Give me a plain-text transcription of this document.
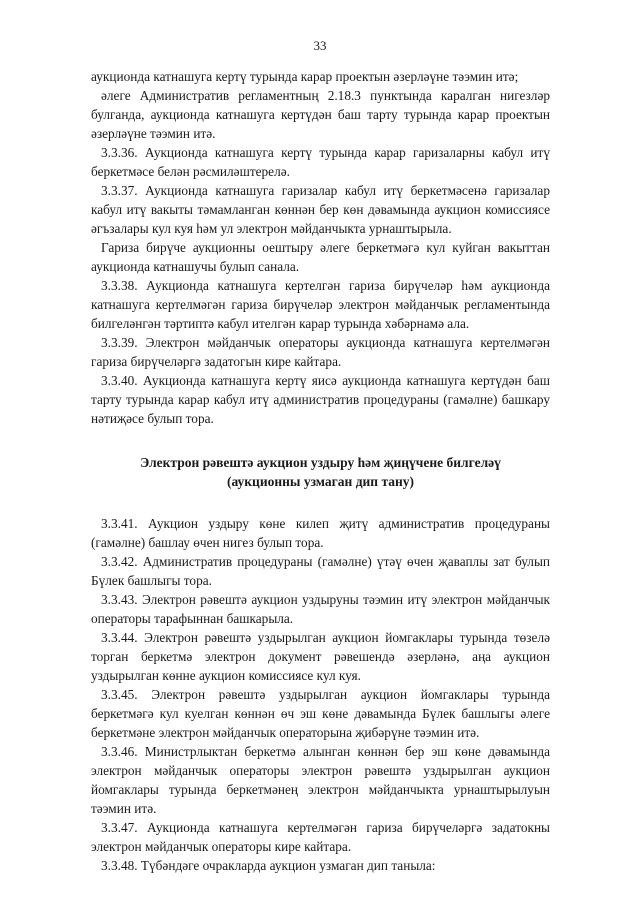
33

аукционда катнашуга кертү турында карар проектын әзерләүне тәэмин итә;

әлеге Административ регламентның 2.18.3 пунктында каралган нигезләр булганда, аукционда катнашуга кертүдән баш тарту турында карар проектын әзерләүне тәэмин итә.

3.3.36. Аукционда катнашуга кертү турында карар гаризаларны кабул итү беркетмәсе белән рәсмиләштерелә.

3.3.37. Аукционда катнашуга гаризалар кабул итү беркетмәсенә гаризалар кабул итү вакыты тәмамланган көннән бер көн дәвамында аукцион комиссиясе әгъзалары кул куя һәм ул электрон мәйданчыкта урнаштырыла.

Гариза бирүче аукционны оештыру әлеге беркетмәгә кул куйган вакыттан аукционда катнашучы булып санала.

3.3.38. Аукционда катнашуга кертелгән гариза бирүчеләр һәм аукционда катнашуга кертелмәгән гариза бирүчеләр электрон мәйданчык регламентында билгеләнгән тәртиптә кабул ителгән карар турында хәбәрнамә ала.

3.3.39. Электрон мәйданчык операторы аукционда катнашуга кертелмәгән гариза бирүчеләргә задатогын кире кайтара.

3.3.40. Аукционда катнашуга кертү яисә аукционда катнашуга кертүдән баш тарту турында карар кабул итү административ процедураны (гамәлне) башкару нәтиҗәсе булып тора.

Электрон рәвештә аукцион уздыру һәм җиңүчене билгеләү
(аукционны узмаган дип тану)

3.3.41. Аукцион уздыру көне килеп җитү административ процедураны (гамәлне) башлау өчен нигез булып тора.

3.3.42. Административ процедураны (гамәлне) үтәү өчен җаваплы зат булып Бүлек башлыгы тора.

3.3.43. Электрон рәвештә аукцион уздыруны тәэмин итү электрон мәйданчык операторы тарафыннан башкарыла.

3.3.44. Электрон рәвештә уздырылган аукцион йомгаклары турында төзелә торган беркетмә электрон документ рәвешендә әзерләнә, аңа аукцион уздырылган көнне аукцион комиссиясе кул куя.

3.3.45. Электрон рәвештә уздырылган аукцион йомгаклары турында беркетмәгә кул куелган көннән өч эш көне дәвамында Бүлек башлыгы әлеге беркетмәне электрон мәйданчык операторына җибәрүне тәэмин итә.

3.3.46. Министрлыктан беркетмә алынган көннән бер эш көне дәвамында электрон мәйданчык операторы электрон рәвештә уздырылган аукцион йомгаклары турында беркетмәнең электрон мәйданчыкта урнаштырылуын тәэмин итә.

3.3.47. Аукционда катнашуга кертелмәгән гариза бирүчеләргә задатокны электрон мәйданчык операторы кире кайтара.

3.3.48. Түбәндәге очракларда аукцион узмаган дип таныла:
